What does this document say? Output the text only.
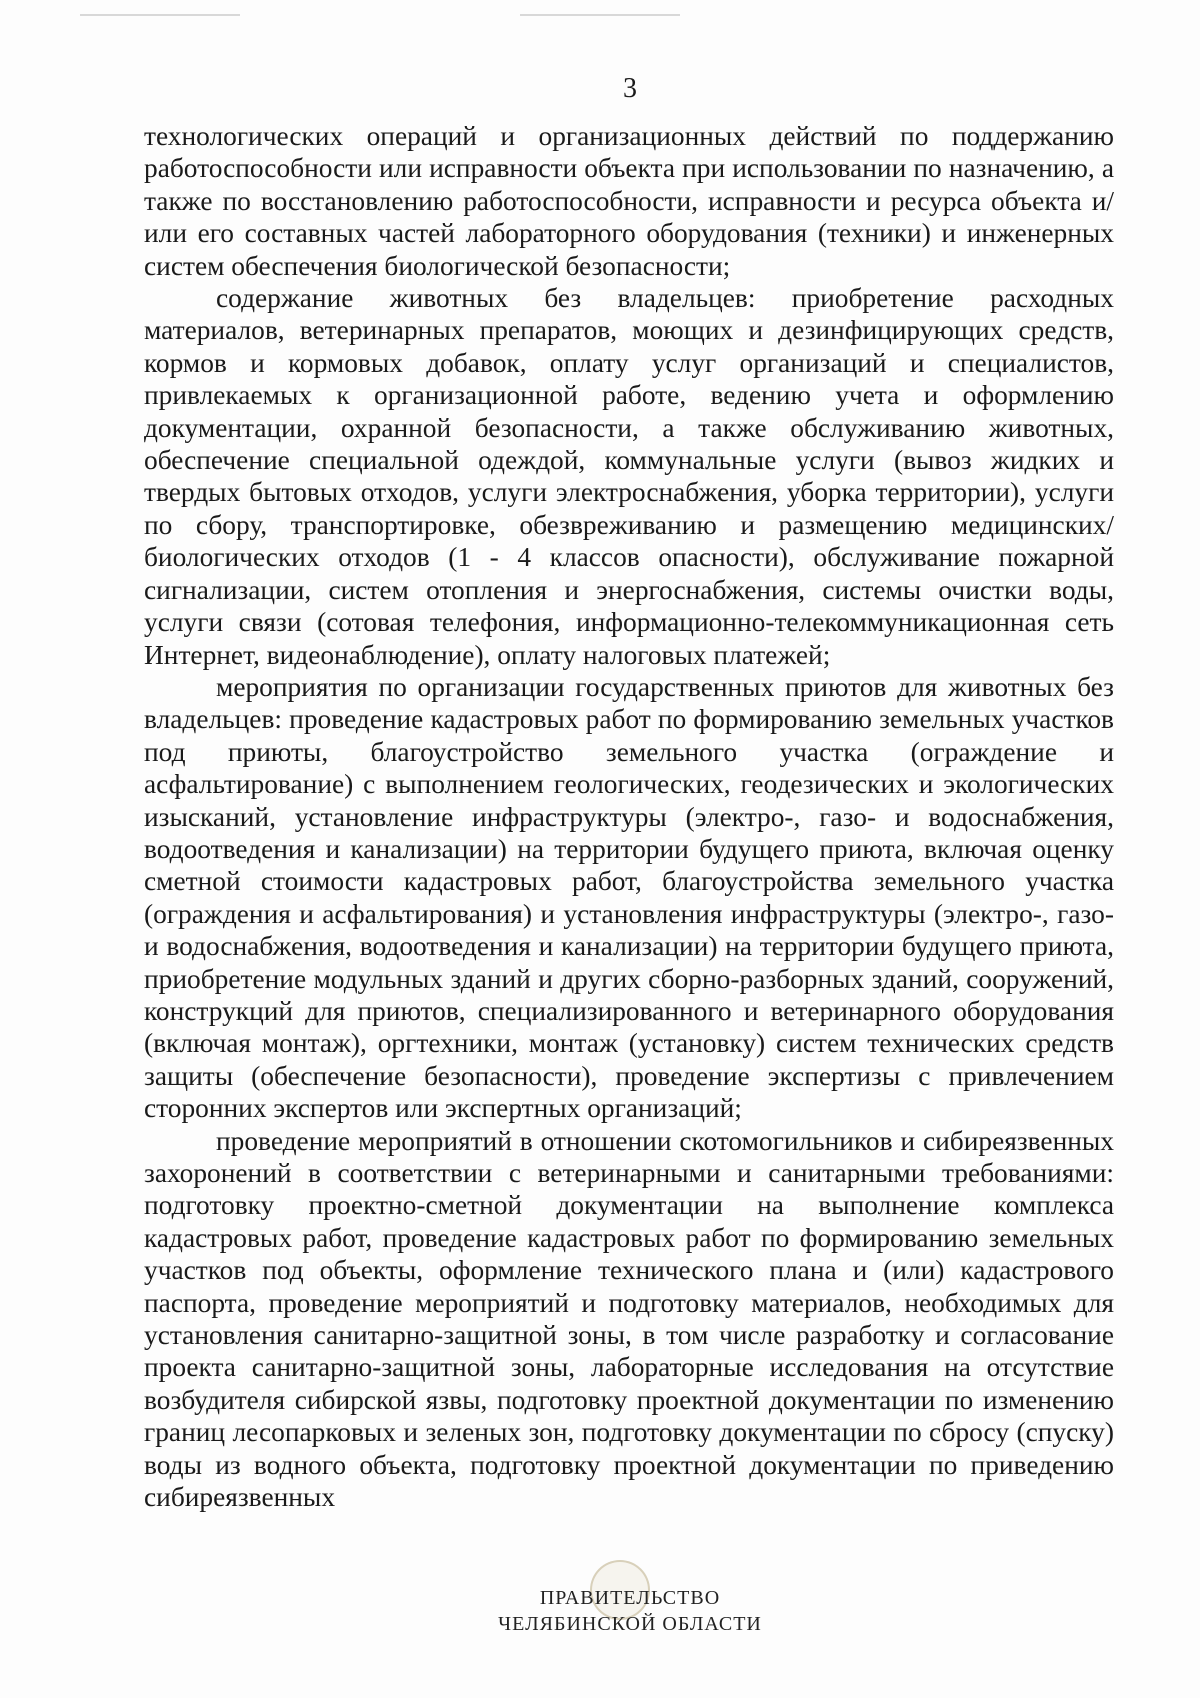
3

технологических операций и организационных действий по поддержанию работоспособности или исправности объекта при использовании по назначению, а также по восстановлению работоспособности, исправности и ресурса объекта и/или его составных частей лабораторного оборудования (техники) и инженерных систем обеспечения биологической безопасности;

содержание животных без владельцев: приобретение расходных материалов, ветеринарных препаратов, моющих и дезинфицирующих средств, кормов и кормовых добавок, оплату услуг организаций и специалистов, привлекаемых к организационной работе, ведению учета и оформлению документации, охранной безопасности, а также обслуживанию животных, обеспечение специальной одеждой, коммунальные услуги (вывоз жидких и твердых бытовых отходов, услуги электроснабжения, уборка территории), услуги по сбору, транспортировке, обезвреживанию и размещению медицинских/биологических отходов (1 - 4 классов опасности), обслуживание пожарной сигнализации, систем отопления и энергоснабжения, системы очистки воды, услуги связи (сотовая телефония, информационно-телекоммуникационная сеть Интернет, видеонаблюдение), оплату налоговых платежей;

мероприятия по организации государственных приютов для животных без владельцев: проведение кадастровых работ по формированию земельных участков под приюты, благоустройство земельного участка (ограждение и асфальтирование) с выполнением геологических, геодезических и экологических изысканий, установление инфраструктуры (электро-, газо- и водоснабжения, водоотведения и канализации) на территории будущего приюта, включая оценку сметной стоимости кадастровых работ, благоустройства земельного участка (ограждения и асфальтирования) и установления инфраструктуры (электро-, газо- и водоснабжения, водоотведения и канализации) на территории будущего приюта, приобретение модульных зданий и других сборно-разборных зданий, сооружений, конструкций для приютов, специализированного и ветеринарного оборудования (включая монтаж), оргтехники, монтаж (установку) систем технических средств защиты (обеспечение безопасности), проведение экспертизы с привлечением сторонних экспертов или экспертных организаций;

проведение мероприятий в отношении скотомогильников и сибиреязвенных захоронений в соответствии с ветеринарными и санитарными требованиями: подготовку проектно-сметной документации на выполнение комплекса кадастровых работ, проведение кадастровых работ по формированию земельных участков под объекты, оформление технического плана и (или) кадастрового паспорта, проведение мероприятий и подготовку материалов, необходимых для установления санитарно-защитной зоны, в том числе разработку и согласование проекта санитарно-защитной зоны, лабораторные исследования на отсутствие возбудителя сибирской язвы, подготовку проектной документации по изменению границ лесопарковых и зеленых зон, подготовку документации по сбросу (спуску) воды из водного объекта, подготовку проектной документации по приведению сибиреязвенных

ПРАВИТЕЛЬСТВО
ЧЕЛЯБИНСКОЙ ОБЛАСТИ
